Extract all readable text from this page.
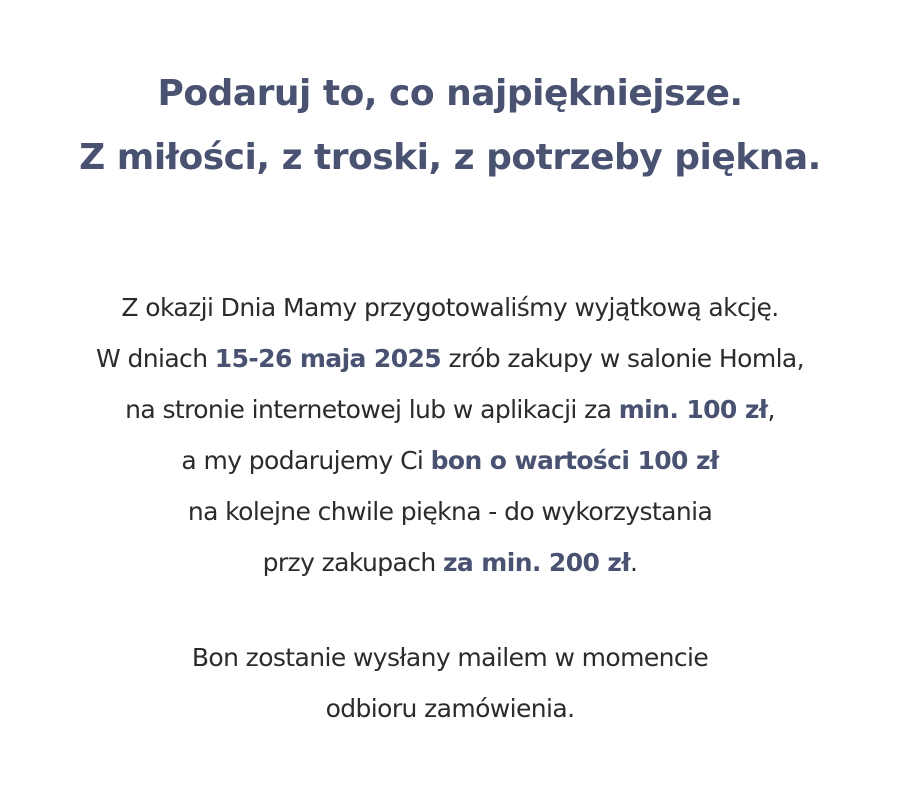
Podaruj to, co najpiękniejsze.
Z miłości, z troski, z potrzeby piękna.
Z okazji Dnia Mamy przygotowaliśmy wyjątkową akcję.
W dniach 15-26 maja 2025 zrób zakupy w salonie Homla,
na stronie internetowej lub w aplikacji za min. 100 zł,
a my podarujemy Ci bon o wartości 100 zł
na kolejne chwile piękna - do wykorzystania
przy zakupach za min. 200 zł.
Bon zostanie wysłany mailem w momencie
odbioru zamówienia.
